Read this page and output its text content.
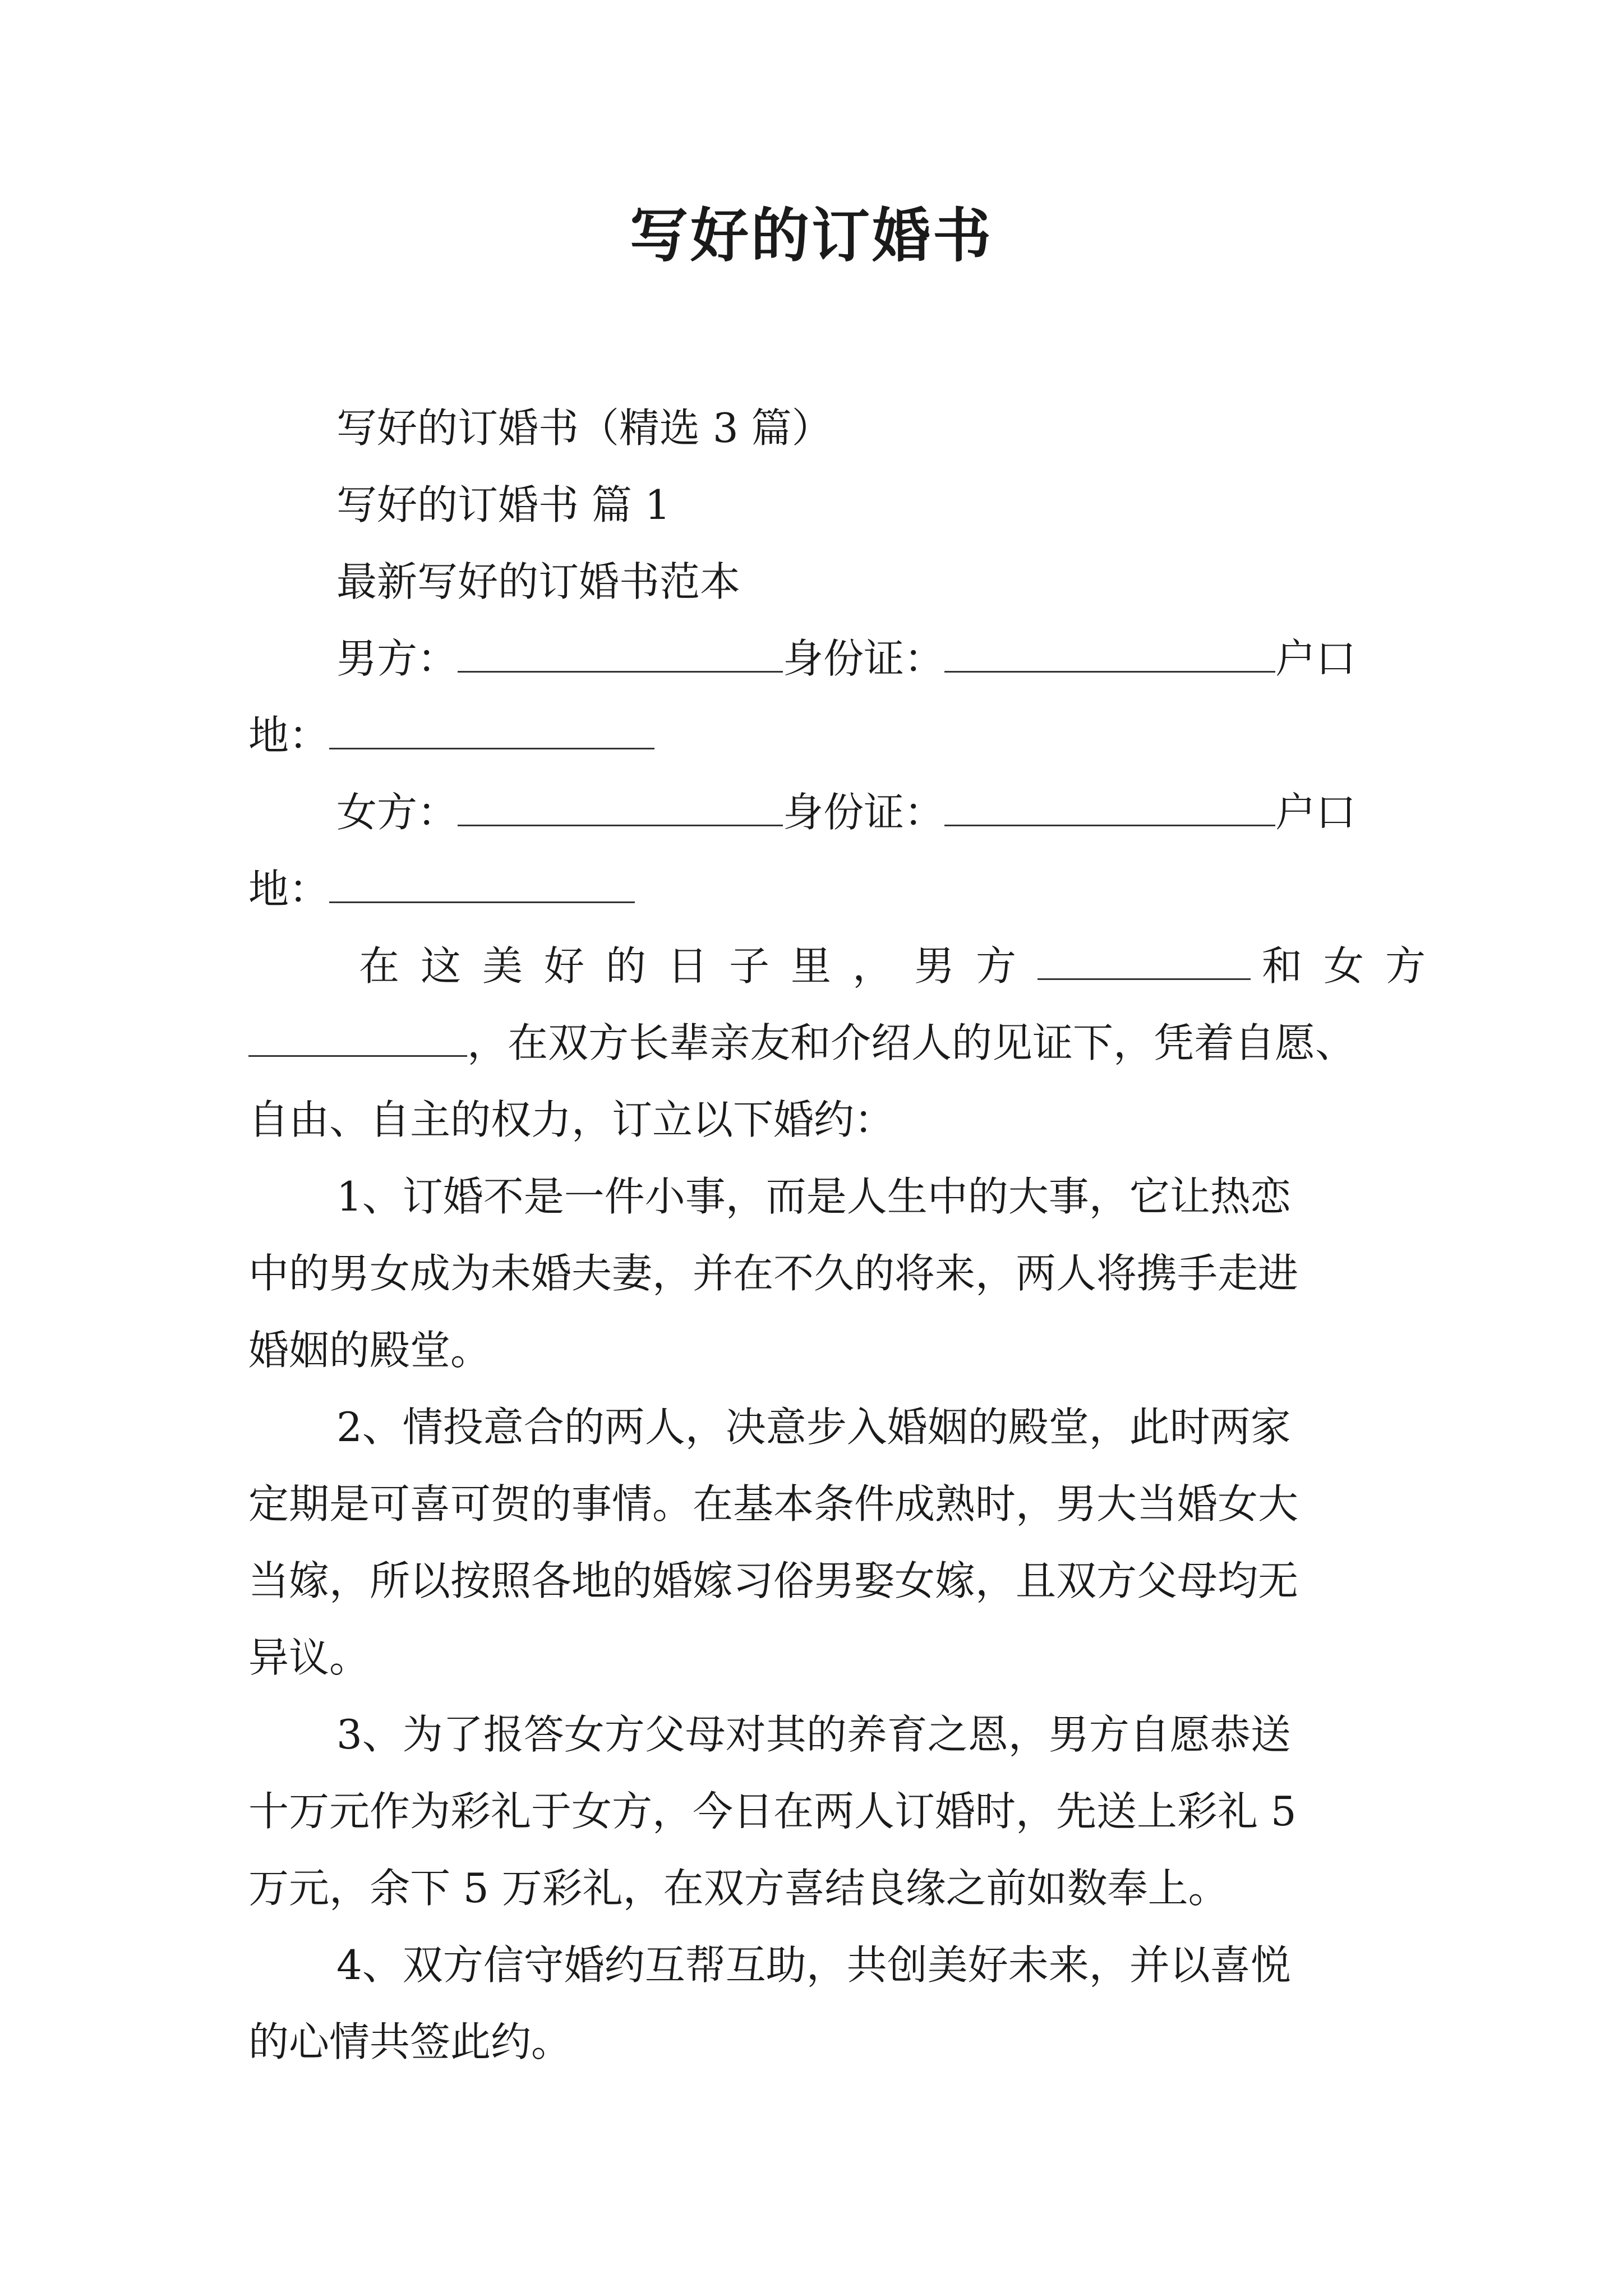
写好的订婚书
写好的订婚书（精选 3 篇）
写好的订婚书 篇 1
最新写好的订婚书范本
男方：	身份证：	户口
地：
女方：	身份证：	户口
地：
在这美好的日子里，男方	和女方
，在双方长辈亲友和介绍人的见证下，凭着自愿、
自由、自主的权力，订立以下婚约：
1、订婚不是一件小事，而是人生中的大事，它让热恋
中的男女成为未婚夫妻，并在不久的将来，两人将携手走进
婚姻的殿堂。
2、情投意合的两人，决意步入婚姻的殿堂，此时两家
定期是可喜可贺的事情。在基本条件成熟时，男大当婚女大
当嫁，所以按照各地的婚嫁习俗男娶女嫁，且双方父母均无
异议。
3、为了报答女方父母对其的养育之恩，男方自愿恭送
十万元作为彩礼于女方，今日在两人订婚时，先送上彩礼 5
万元，余下 5 万彩礼，在双方喜结良缘之前如数奉上。
4、双方信守婚约互帮互助，共创美好未来，并以喜悦
的心情共签此约。
